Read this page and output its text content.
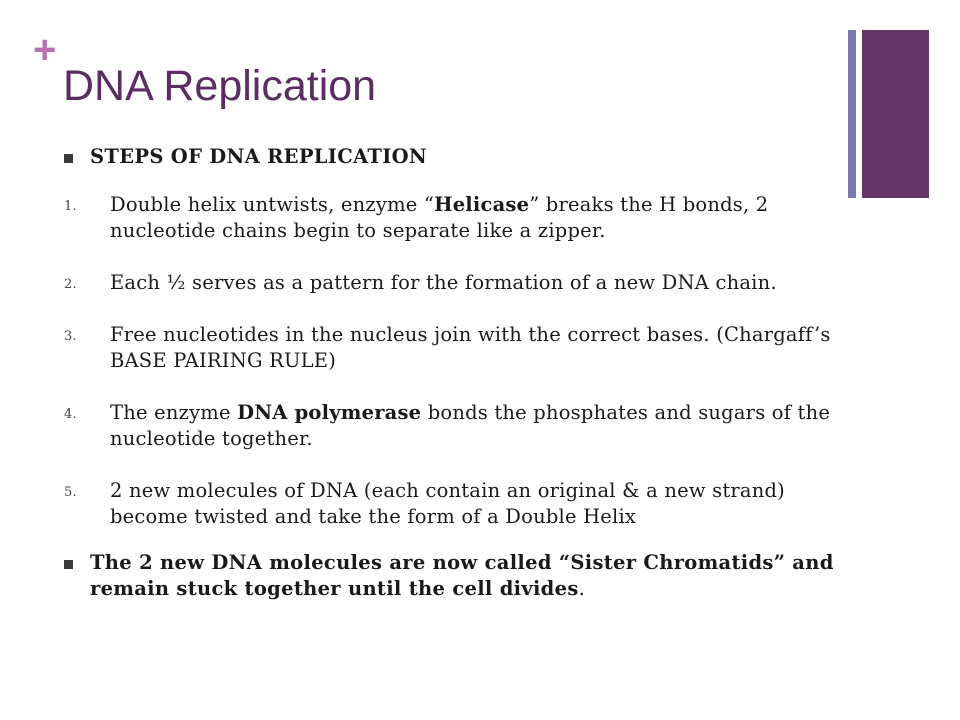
+
DNA Replication
STEPS OF DNA REPLICATION
1. Double helix untwists, enzyme “Helicase” breaks the H bonds, 2 nucleotide chains begin to separate like a zipper.
2. Each ½ serves as a pattern for the formation of a new DNA chain.
3. Free nucleotides in the nucleus join with the correct bases. (Chargaff’s BASE PAIRING RULE)
4. The enzyme DNA polymerase bonds the phosphates and sugars of the nucleotide together.
5. 2 new molecules of DNA (each contain an original & a new strand) become twisted and take the form of a Double Helix
The 2 new DNA molecules are now called “Sister Chromatids” and remain stuck together until the cell divides.
